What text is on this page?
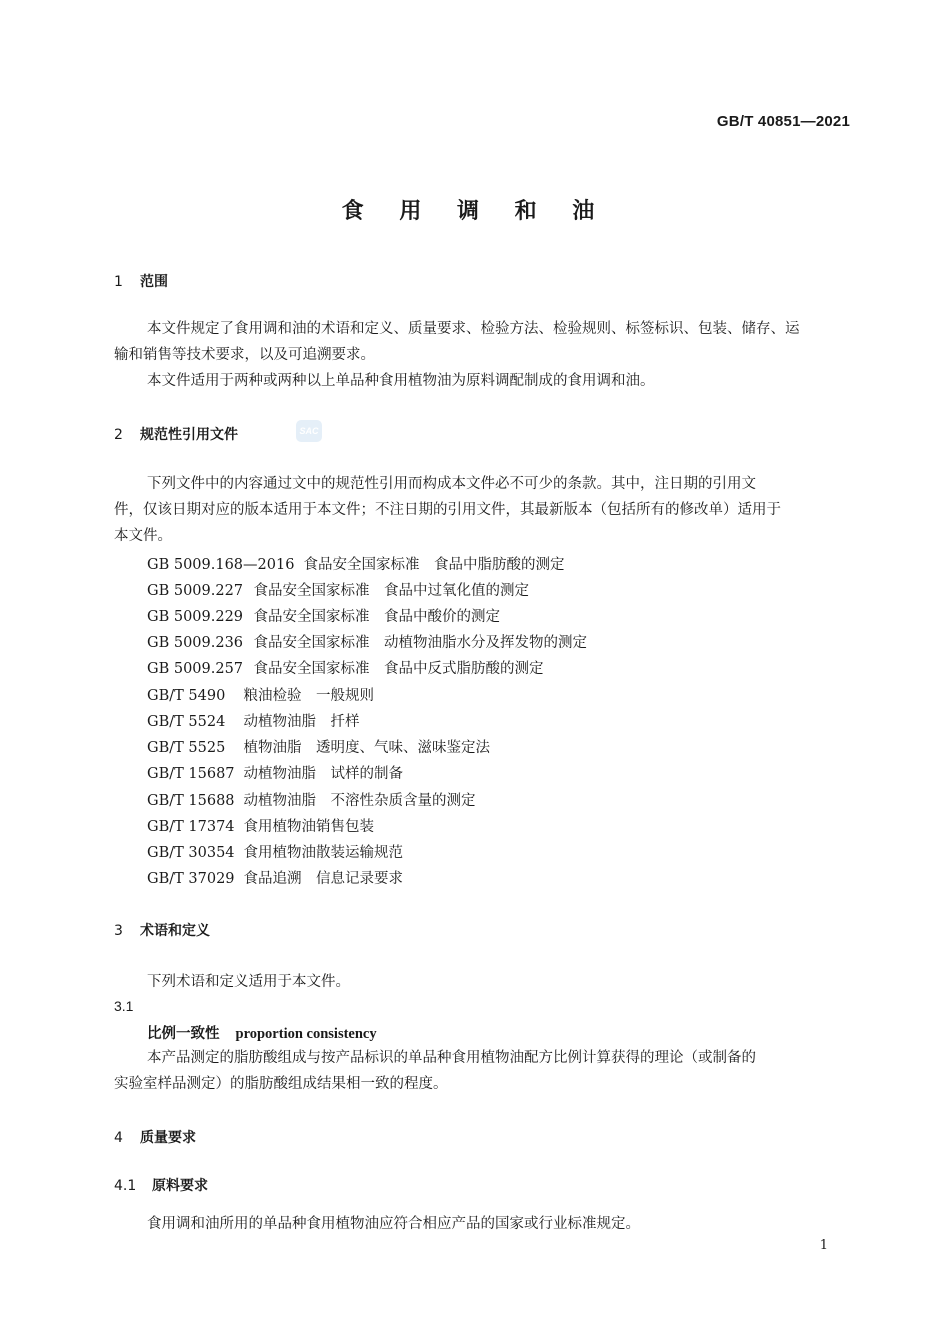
GB/T 40851—2021
食 用 调 和 油
1 范围
本文件规定了食用调和油的术语和定义、质量要求、检验方法、检验规则、标签标识、包装、储存、运
输和销售等技术要求，以及可追溯要求。
本文件适用于两种或两种以上单品种食用植物油为原料调配制成的食用调和油。
2 规范性引用文件	SAC
下列文件中的内容通过文中的规范性引用而构成本文件必不可少的条款。其中，注日期的引用文
件，仅该日期对应的版本适用于本文件；不注日期的引用文件，其最新版本（包括所有的修改单）适用于
本文件。
GB 5009.168—2016　 食品安全国家标准　食品中脂肪酸的测定
GB 5009.227　 食品安全国家标准　食品中过氧化值的测定
GB 5009.229　 食品安全国家标准　食品中酸价的测定
GB 5009.236　 食品安全国家标准　动植物油脂水分及挥发物的测定
GB 5009.257　 食品安全国家标准　食品中反式脂肪酸的测定
GB/T 5490　 粮油检验　一般规则
GB/T 5524　 动植物油脂　扦样
GB/T 5525　 植物油脂　透明度、气味、滋味鉴定法
GB/T 15687　 动植物油脂　试样的制备
GB/T 15688　 动植物油脂　不溶性杂质含量的测定
GB/T 17374　 食用植物油销售包装
GB/T 30354　 食用植物油散装运输规范
GB/T 37029　 食品追溯　信息记录要求
3 术语和定义
下列术语和定义适用于本文件。
3.1
比例一致性 proportion consistency
本产品测定的脂肪酸组成与按产品标识的单品种食用植物油配方比例计算获得的理论（或制备的
实验室样品测定）的脂肪酸组成结果相一致的程度。
4 质量要求
4.1 原料要求
食用调和油所用的单品种食用植物油应符合相应产品的国家或行业标准规定。
1
